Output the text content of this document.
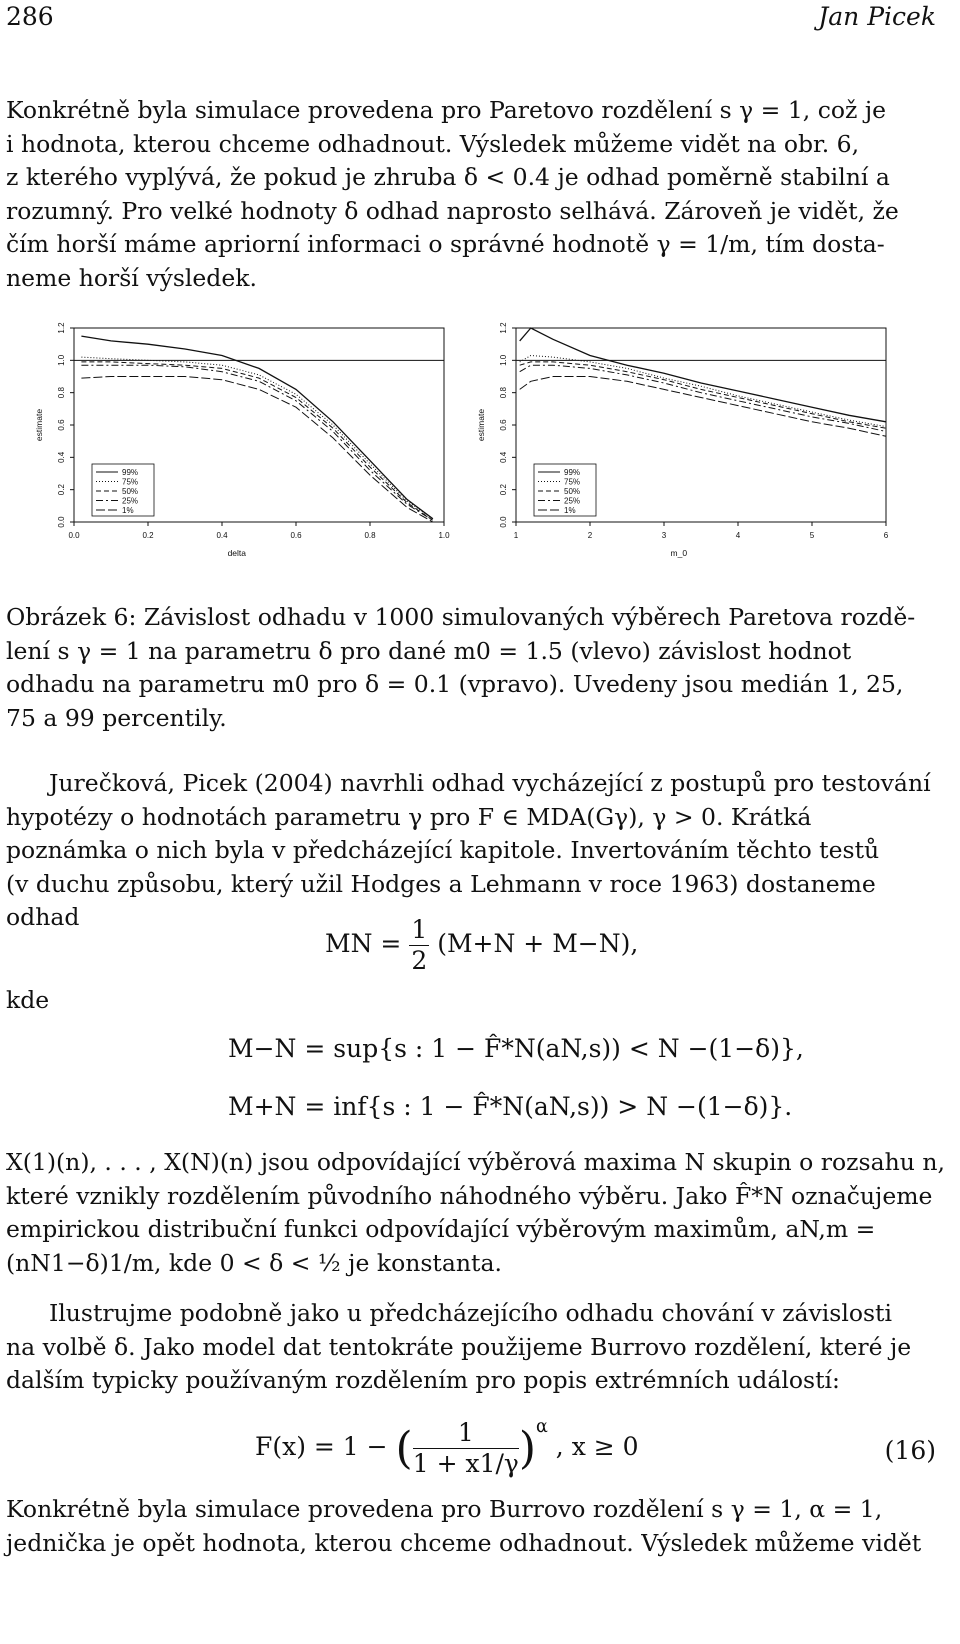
286	Jan Picek

Konkrétně byla simulace provedena pro Paretovo rozdělení s γ = 1, což je
i hodnota, kterou chceme odhadnout. Výsledek můžeme vidět na obr. 6,
z kterého vyplývá, že pokud je zhruba δ < 0.4 je odhad poměrně stabilní a
rozumný. Pro velké hodnoty δ odhad naprosto selhává. Zároveň je vidět, že
čím horší máme apriorní informaci o správné hodnotě γ = 1/m, tím dosta-
neme horší výsledek.

0.0	0.2	0.4	0.6	0.8	1.0
0.0
0.2
0.4
0.6
0.8
1.0
1.2
delta
estimate
99%
75%
50%
25%
1%
1	2	3	4	5	6
0.0
0.2
0.4
0.6
0.8
1.0
1.2
m_0
estimate
99%
75%
50%
25%
1%

Obrázek 6: Závislost odhadu v 1000 simulovaných výběrech Paretova rozdě-
lení s γ = 1 na parametru δ pro dané m0 = 1.5 (vlevo) závislost hodnot
odhadu na parametru m0 pro δ = 0.1 (vpravo). Uvedeny jsou medián 1, 25,
75 a 99 percentily.

Jurečková, Picek (2004) navrhli odhad vycházející z postupů pro testování
hypotézy o hodnotách parametru γ pro F ∈ MDA(Gγ), γ > 0. Krátká
poznámka o nich byla v předcházející kapitole. Invertováním těchto testů
(v duchu způsobu, který užil Hodges a Lehmann v roce 1963) dostaneme
odhad

MN = $\frac{1}{2} (M+N + M-N)$,
kde
M−N = sup{s : 1 − F̂*N(aN,s)) < N −(1−δ)},
M+N = inf{s : 1 − F̂*N(aN,s)) > N −(1−δ)}.

X(1)(n), . . . , X(N)(n) jsou odpovídající výběrová maxima N skupin o rozsahu n,
které vznikly rozdělením původního náhodného výběru. Jako F̂*N označujeme
empirickou distribuční funkci odpovídající výběrovým maximům, aN,m =
(nN1−δ)1/m, kde 0 < δ < ½ je konstanta.

Ilustrujme podobně jako u předcházejícího odhadu chování v závislosti
na volbě δ. Jako model dat tentokráte použijeme Burrovo rozdělení, které je
dalším typicky používaným rozdělením pro popis extrémních událostí:

F(x) = 1 − ( $\frac{1}{1 + x1/\gamma} )^\alpha$ , x ≥ 0	(16)

Konkrétně byla simulace provedena pro Burrovo rozdělení s γ = 1, α = 1,
jednička je opět hodnota, kterou chceme odhadnout. Výsledek můžeme vidět
